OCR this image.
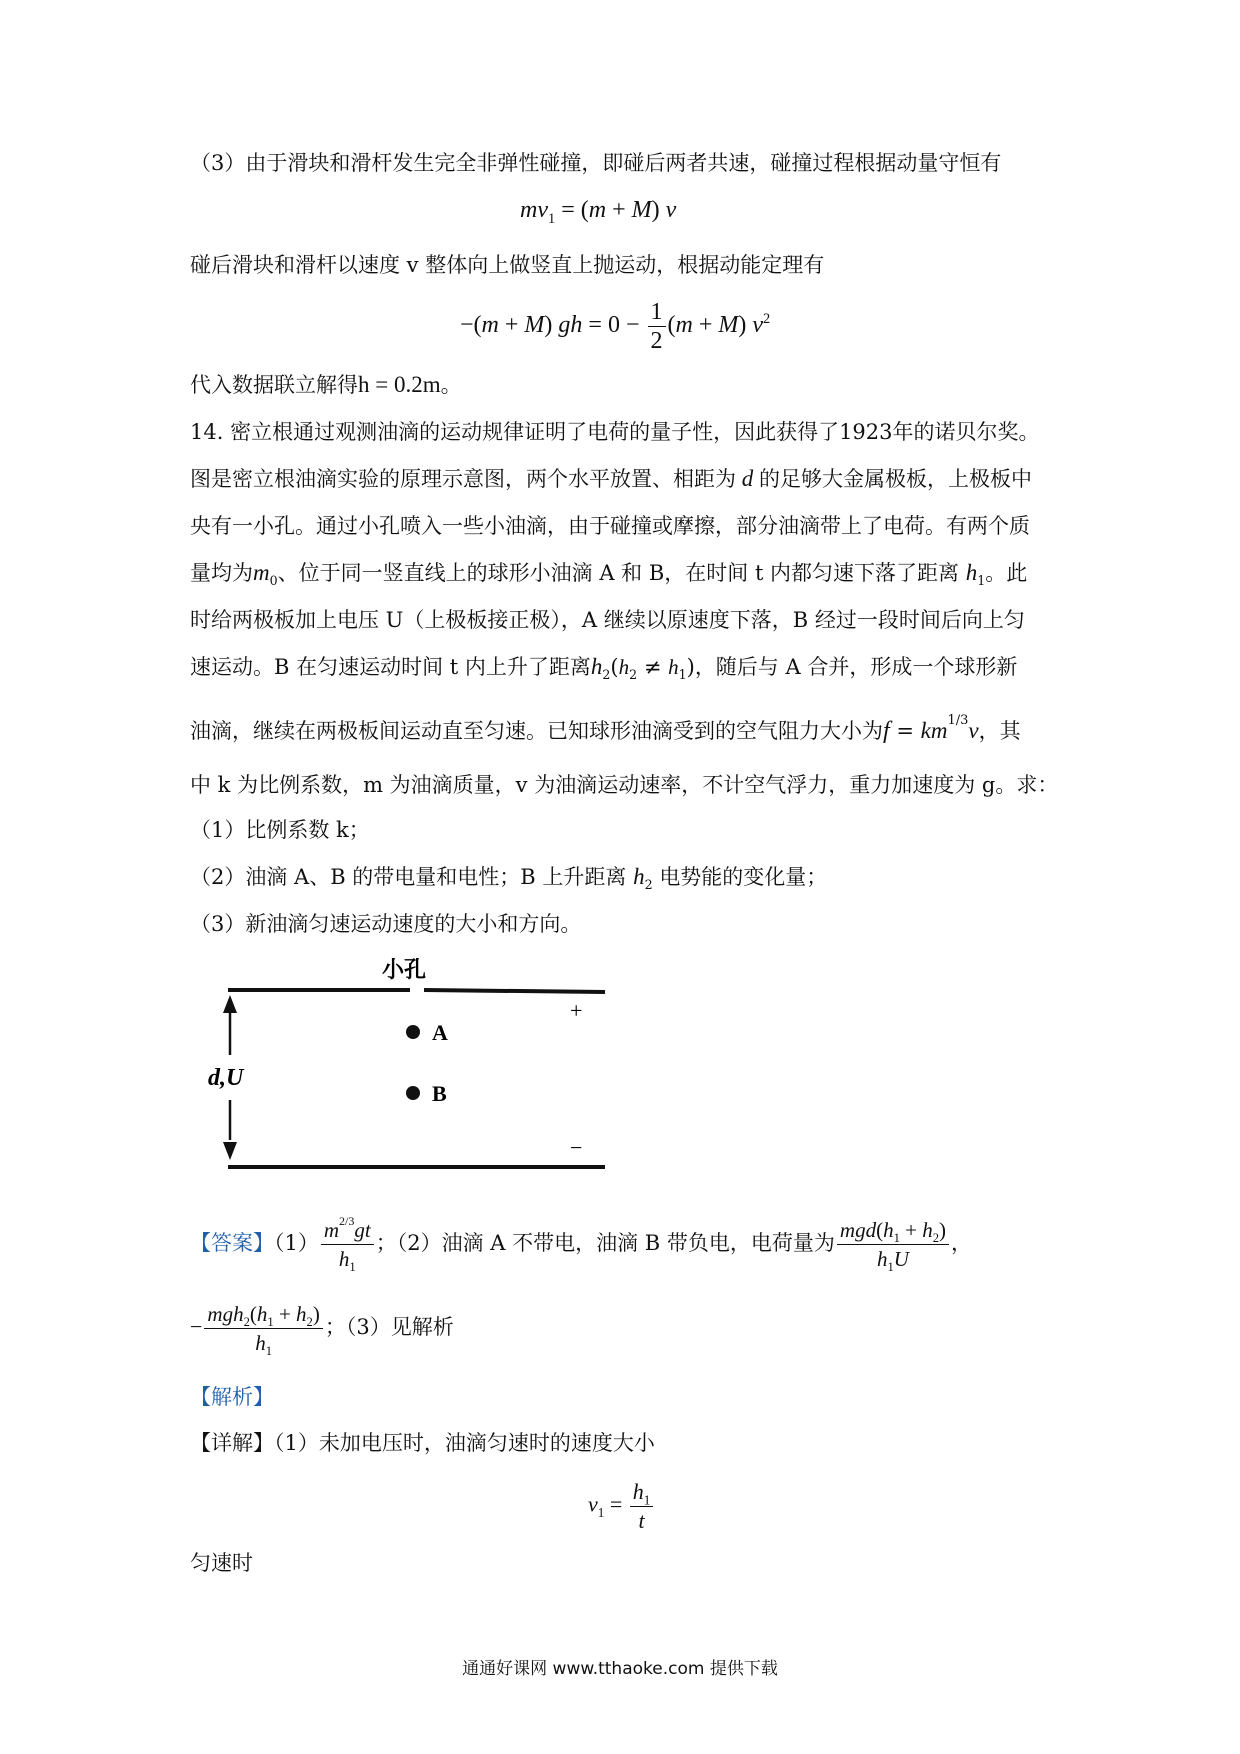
（3）由于滑块和滑杆发生完全非弹性碰撞，即碰后两者共速，碰撞过程根据动量守恒有
$mv_1 = (m + M)$ v
碰后滑块和滑杆以速度 v 整体向上做竖直上抛运动，根据动能定理有
−(m + M) gh = $0 - \frac{1}{2} (m + M)$ $v^2$
代入数据联立解得h = 0.2m。
14. 密立根通过观测油滴的运动规律证明了电荷的量子性，因此获得了1923年的诺贝尔奖。
图是密立根油滴实验的原理示意图，两个水平放置、相距为 d 的足够大金属极板，上极板中
央有一小孔。通过小孔喷入一些小油滴，由于碰撞或摩擦，部分油滴带上了电荷。有两个质
量均为$m_0$、位于同一竖直线上的球形小油滴 A 和 B，在时间 t 内都匀速下落了距离 $h_1$。此
时给两极板加上电压 U（上极板接正极），A 继续以原速度下落，B 经过一段时间后向上匀
速运动。B 在匀速运动时间 t 内上升了距离$h_2(h_2 \ne h_1)$，随后与 A 合并，形成一个球形新
油滴，继续在两极板间运动直至匀速。已知球形油滴受到的空气阻力大小为$f = km^{1/3}v$，其
中 k 为比例系数，m 为油滴质量，v 为油滴运动速率，不计空气浮力，重力加速度为 g。求：
（1）比例系数 k；
（2）油滴 A、B 的带电量和电性；B 上升距离 $h_2$ 电势能的变化量；
（3）新油滴匀速运动速度的大小和方向。
小孔
+
−
A
B
d,U
【答案】$(1) \frac{m^{2/3}gt}{h_1}$ ；（2）油滴 A 不带电，油滴 B 带负电，电荷量为 $\frac{mgd(h_1 + h_2)}{h_1U}$ ，
− $\frac{mgh_2(h_1 + h_2)}{h_1}$ ；（3）见解析
【解析】
【详解】（1）未加电压时，油滴匀速时的速度大小
$v_1 = \frac{h_1}{t}$
匀速时
通通好课网 www.tthaoke.com 提供下载
